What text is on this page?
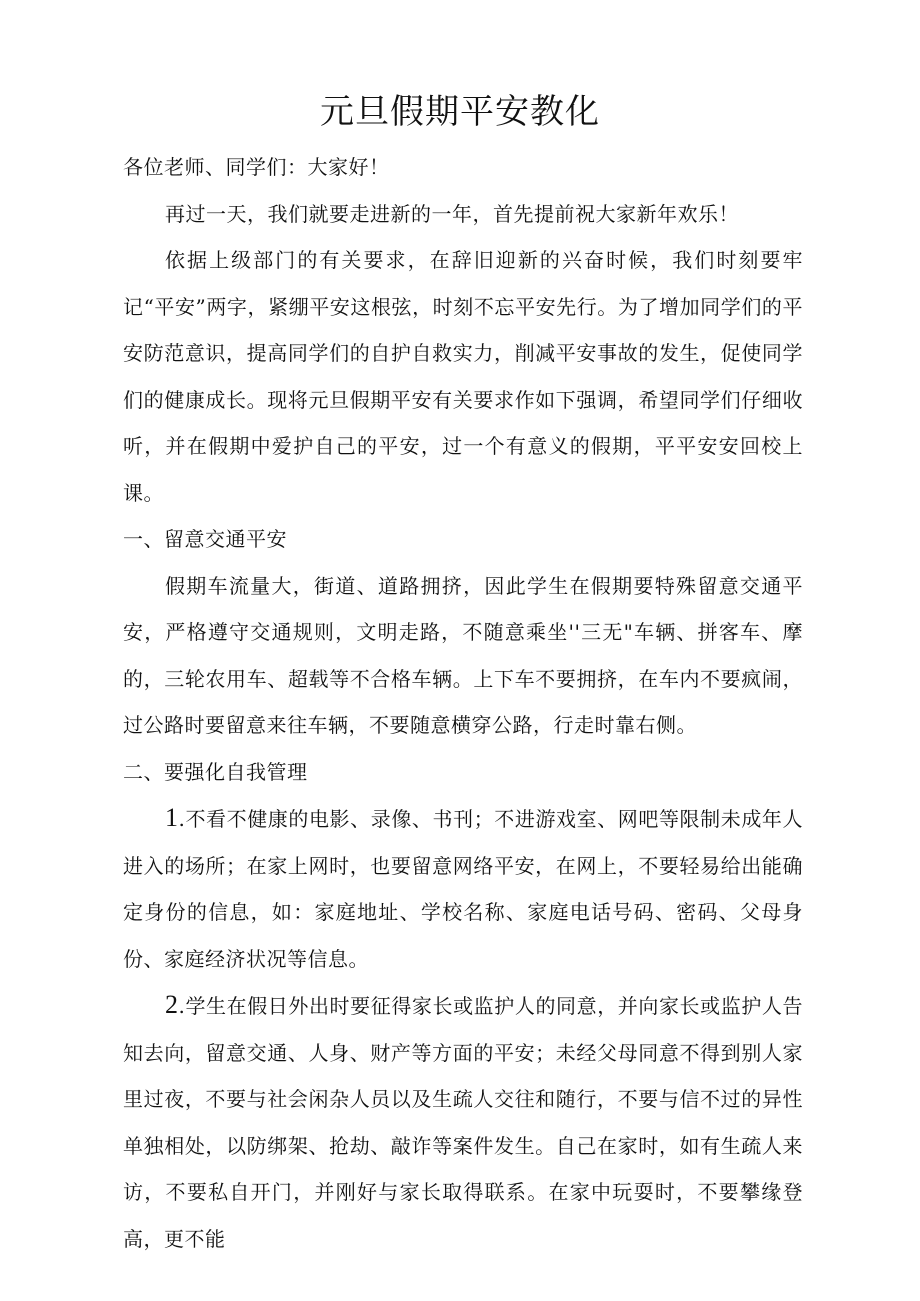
元旦假期平安教化

各位老师、同学们：大家好！

再过一天，我们就要走进新的一年，首先提前祝大家新年欢乐！

依据上级部门的有关要求，在辞旧迎新的兴奋时候，我们时刻要牢记“平安”两字，紧绷平安这根弦，时刻不忘平安先行。为了增加同学们的平安防范意识，提高同学们的自护自救实力，削减平安事故的发生，促使同学们的健康成长。现将元旦假期平安有关要求作如下强调，希望同学们仔细收听，并在假期中爱护自己的平安，过一个有意义的假期，平平安安回校上课。

一、留意交通平安

假期车流量大，街道、道路拥挤，因此学生在假期要特殊留意交通平安，严格遵守交通规则，文明走路，不随意乘坐''三无"车辆、拼客车、摩的，三轮农用车、超载等不合格车辆。上下车不要拥挤，在车内不要疯闹，过公路时要留意来往车辆，不要随意横穿公路，行走时靠右侧。

二、要强化自我管理

1.不看不健康的电影、录像、书刊；不进游戏室、网吧等限制未成年人进入的场所；在家上网时，也要留意网络平安，在网上，不要轻易给出能确定身份的信息，如：家庭地址、学校名称、家庭电话号码、密码、父母身份、家庭经济状况等信息。

2.学生在假日外出时要征得家长或监护人的同意，并向家长或监护人告知去向，留意交通、人身、财产等方面的平安；未经父母同意不得到别人家里过夜，不要与社会闲杂人员以及生疏人交往和随行，不要与信不过的异性单独相处，以防绑架、抢劫、敲诈等案件发生。自己在家时，如有生疏人来访，不要私自开门，并刚好与家长取得联系。在家中玩耍时，不要攀缘登高，更不能
